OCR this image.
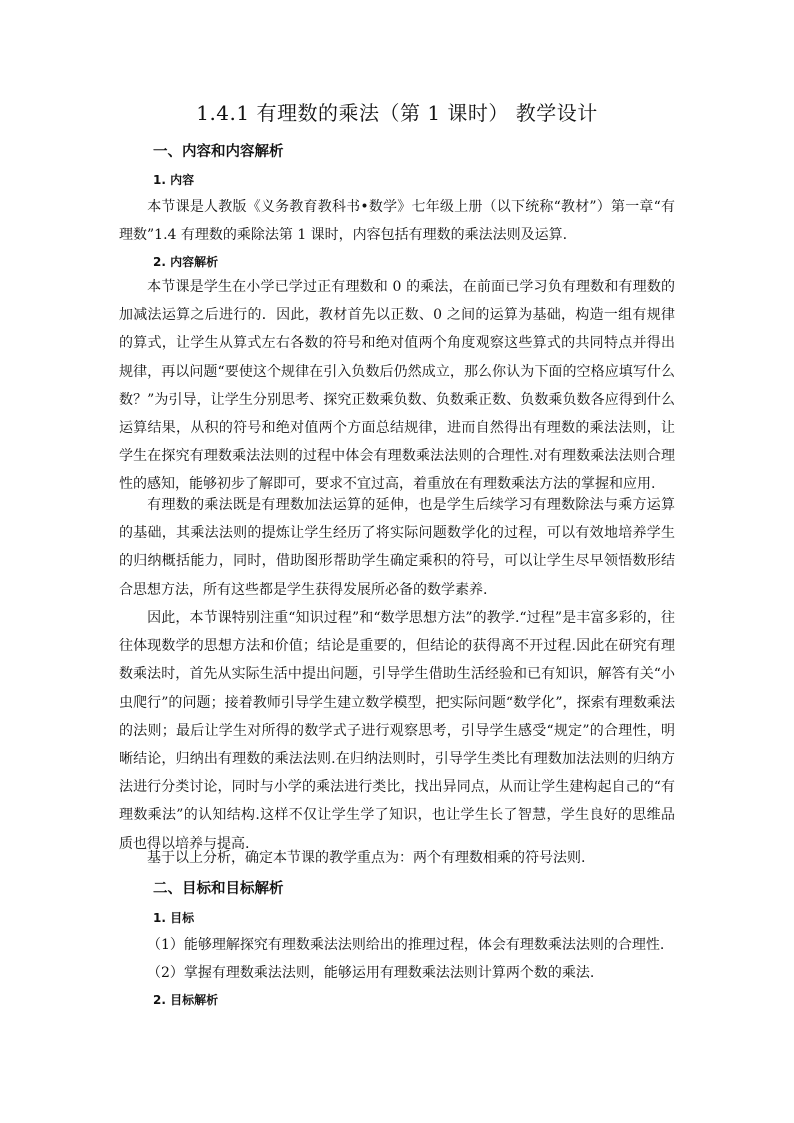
1.4.1 有理数的乘法（第 1 课时） 教学设计
一、内容和内容解析
1. 内容
本节课是人教版《义务教育教科书•数学》七年级上册（以下统称“教材”）第一章“有理数”1.4 有理数的乘除法第 1 课时，内容包括有理数的乘法法则及运算.
2. 内容解析
本节课是学生在小学已学过正有理数和 0 的乘法，在前面已学习负有理数和有理数的加减法运算之后进行的．因此，教材首先以正数、0 之间的运算为基础，构造一组有规律的算式，让学生从算式左右各数的符号和绝对值两个角度观察这些算式的共同特点并得出规律，再以问题“要使这个规律在引入负数后仍然成立，那么你认为下面的空格应填写什么数？”为引导，让学生分别思考、探究正数乘负数、负数乘正数、负数乘负数各应得到什么运算结果，从积的符号和绝对值两个方面总结规律，进而自然得出有理数的乘法法则，让学生在探究有理数乘法法则的过程中体会有理数乘法法则的合理性.对有理数乘法法则合理性的感知，能够初步了解即可，要求不宜过高，着重放在有理数乘法方法的掌握和应用.
有理数的乘法既是有理数加法运算的延伸，也是学生后续学习有理数除法与乘方运算的基础，其乘法法则的提炼让学生经历了将实际问题数学化的过程，可以有效地培养学生的归纳概括能力，同时，借助图形帮助学生确定乘积的符号，可以让学生尽早领悟数形结合思想方法，所有这些都是学生获得发展所必备的数学素养.
因此，本节课特别注重“知识过程”和“数学思想方法”的教学.“过程”是丰富多彩的，往往体现数学的思想方法和价值；结论是重要的，但结论的获得离不开过程.因此在研究有理数乘法时，首先从实际生活中提出问题，引导学生借助生活经验和已有知识，解答有关“小虫爬行”的问题；接着教师引导学生建立数学模型，把实际问题“数学化”，探索有理数乘法的法则；最后让学生对所得的数学式子进行观察思考，引导学生感受“规定”的合理性，明晰结论，归纳出有理数的乘法法则.在归纳法则时，引导学生类比有理数加法法则的归纳方法进行分类讨论，同时与小学的乘法进行类比，找出异同点，从而让学生建构起自己的“有理数乘法”的认知结构.这样不仅让学生学了知识，也让学生长了智慧，学生良好的思维品质也得以培养与提高.
基于以上分析，确定本节课的教学重点为：两个有理数相乘的符号法则.
二、目标和目标解析
1. 目标
（1）能够理解探究有理数乘法法则给出的推理过程，体会有理数乘法法则的合理性.
（2）掌握有理数乘法法则，能够运用有理数乘法法则计算两个数的乘法.
2. 目标解析
